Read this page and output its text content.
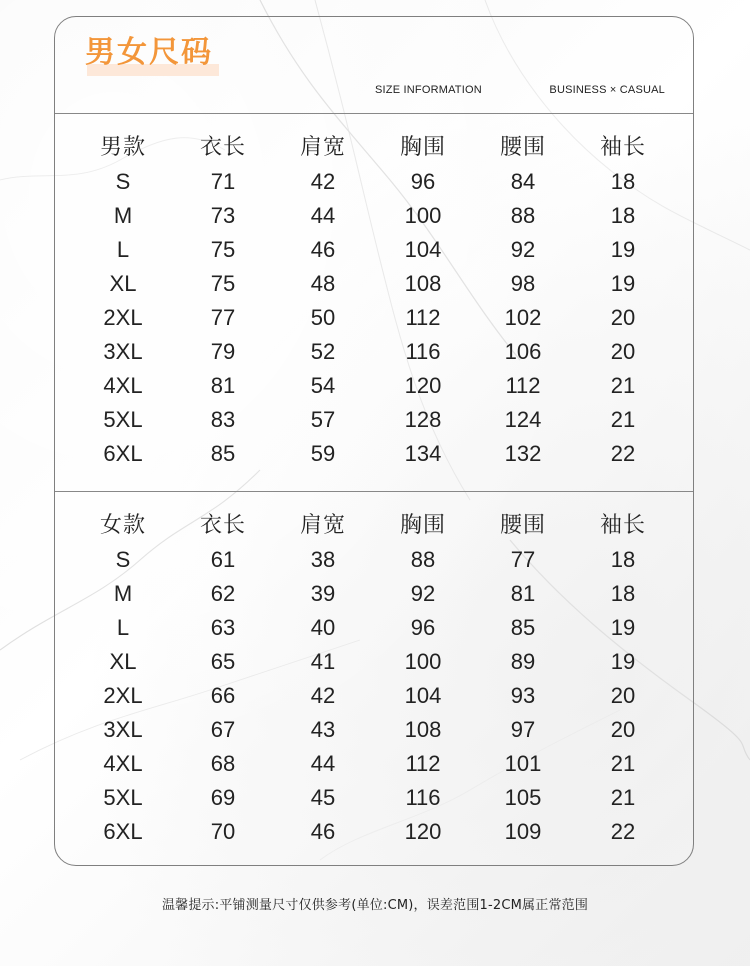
男女尺码
SIZE INFORMATION	BUSINESS × CASUAL
男款	衣长	肩宽	胸围	腰围	袖长
S	71	42	96	84	18
M	73	44	100	88	18
L	75	46	104	92	19
XL	75	48	108	98	19
2XL	77	50	112	102	20
3XL	79	52	116	106	20
4XL	81	54	120	112	21
5XL	83	57	128	124	21
6XL	85	59	134	132	22
女款	衣长	肩宽	胸围	腰围	袖长
S	61	38	88	77	18
M	62	39	92	81	18
L	63	40	96	85	19
XL	65	41	100	89	19
2XL	66	42	104	93	20
3XL	67	43	108	97	20
4XL	68	44	112	101	21
5XL	69	45	116	105	21
6XL	70	46	120	109	22
温馨提示:平铺测量尺寸仅供参考(单位:CM)，误差范围1-2CM属正常范围
